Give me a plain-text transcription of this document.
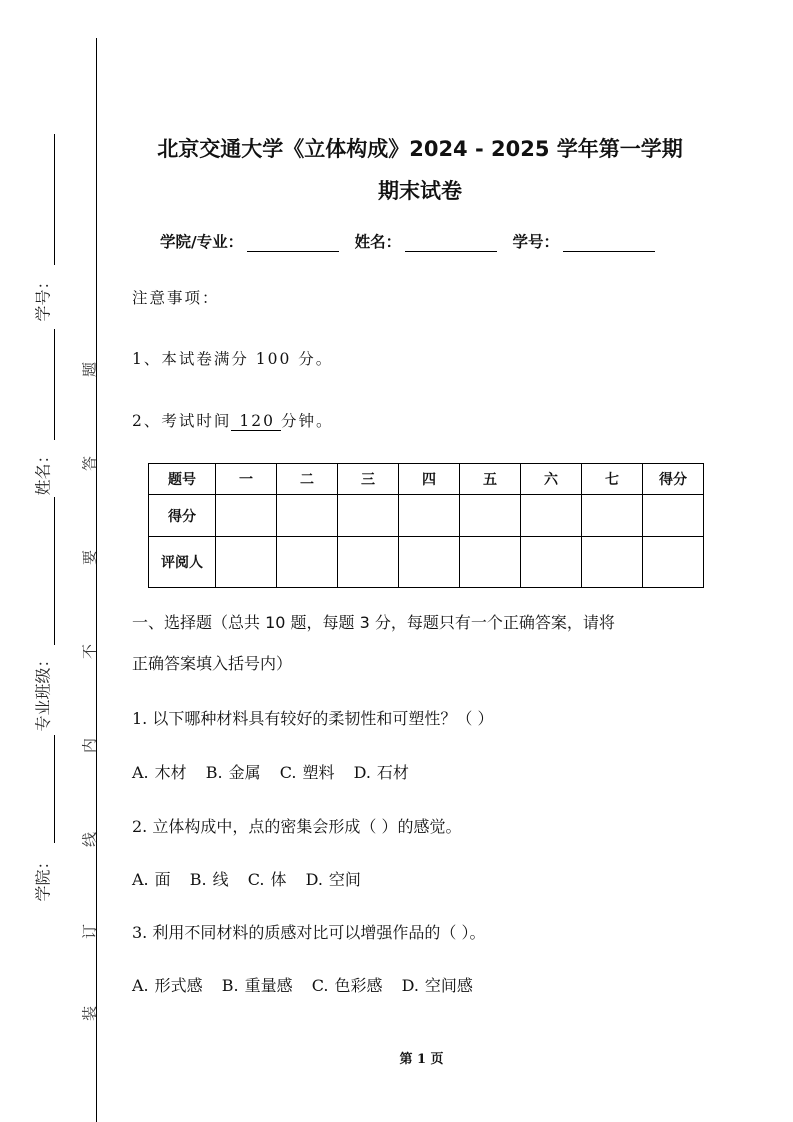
学号：
姓名：
专业班级：
学院：
题
答
要
不
内
线
订
装
北京交通大学《立体构成》2024 - 2025 学年第一学期
期末试卷
学院/专业：	姓名：	学号：
注意事项：
1、本试卷满分 100 分。
2、考试时间 120 分钟。
题号	一	二	三	四	五	六	七	得分
得分								
评阅人								
一、选择题（总共 10 题，每题 3 分，每题只有一个正确答案，请将
正确答案填入括号内）
1. 以下哪种材料具有较好的柔韧性和可塑性？（ ）
A. 木材 B. 金属 C. 塑料 D. 石材
2. 立体构成中，点的密集会形成（ ）的感觉。
A. 面 B. 线 C. 体 D. 空间
3. 利用不同材料的质感对比可以增强作品的（ ）。
A. 形式感 B. 重量感 C. 色彩感 D. 空间感
第 1 页
